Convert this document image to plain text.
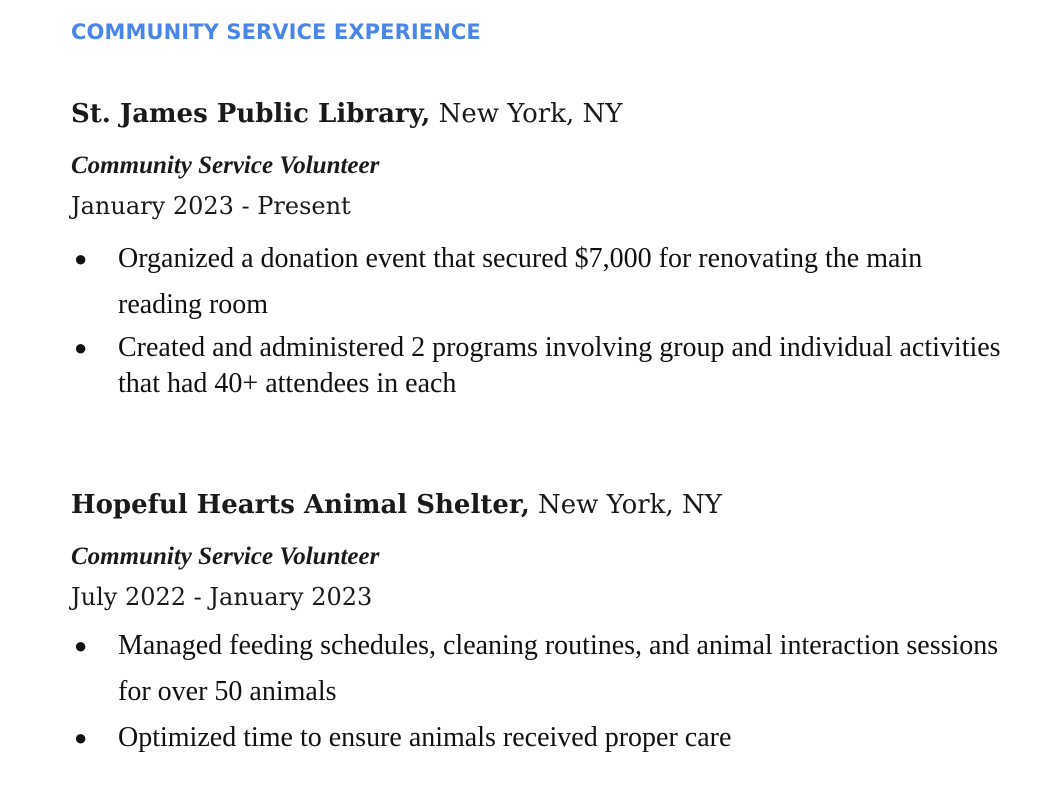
COMMUNITY SERVICE EXPERIENCE

St. James Public Library, New York, NY

Community Service Volunteer

January 2023 - Present

● Organized a donation event that secured $7,000 for renovating the main reading room
● Created and administered 2 programs involving group and individual activities that had 40+ attendees in each

Hopeful Hearts Animal Shelter, New York, NY

Community Service Volunteer

July 2022 - January 2023

● Managed feeding schedules, cleaning routines, and animal interaction sessions for over 50 animals
● Optimized time to ensure animals received proper care
